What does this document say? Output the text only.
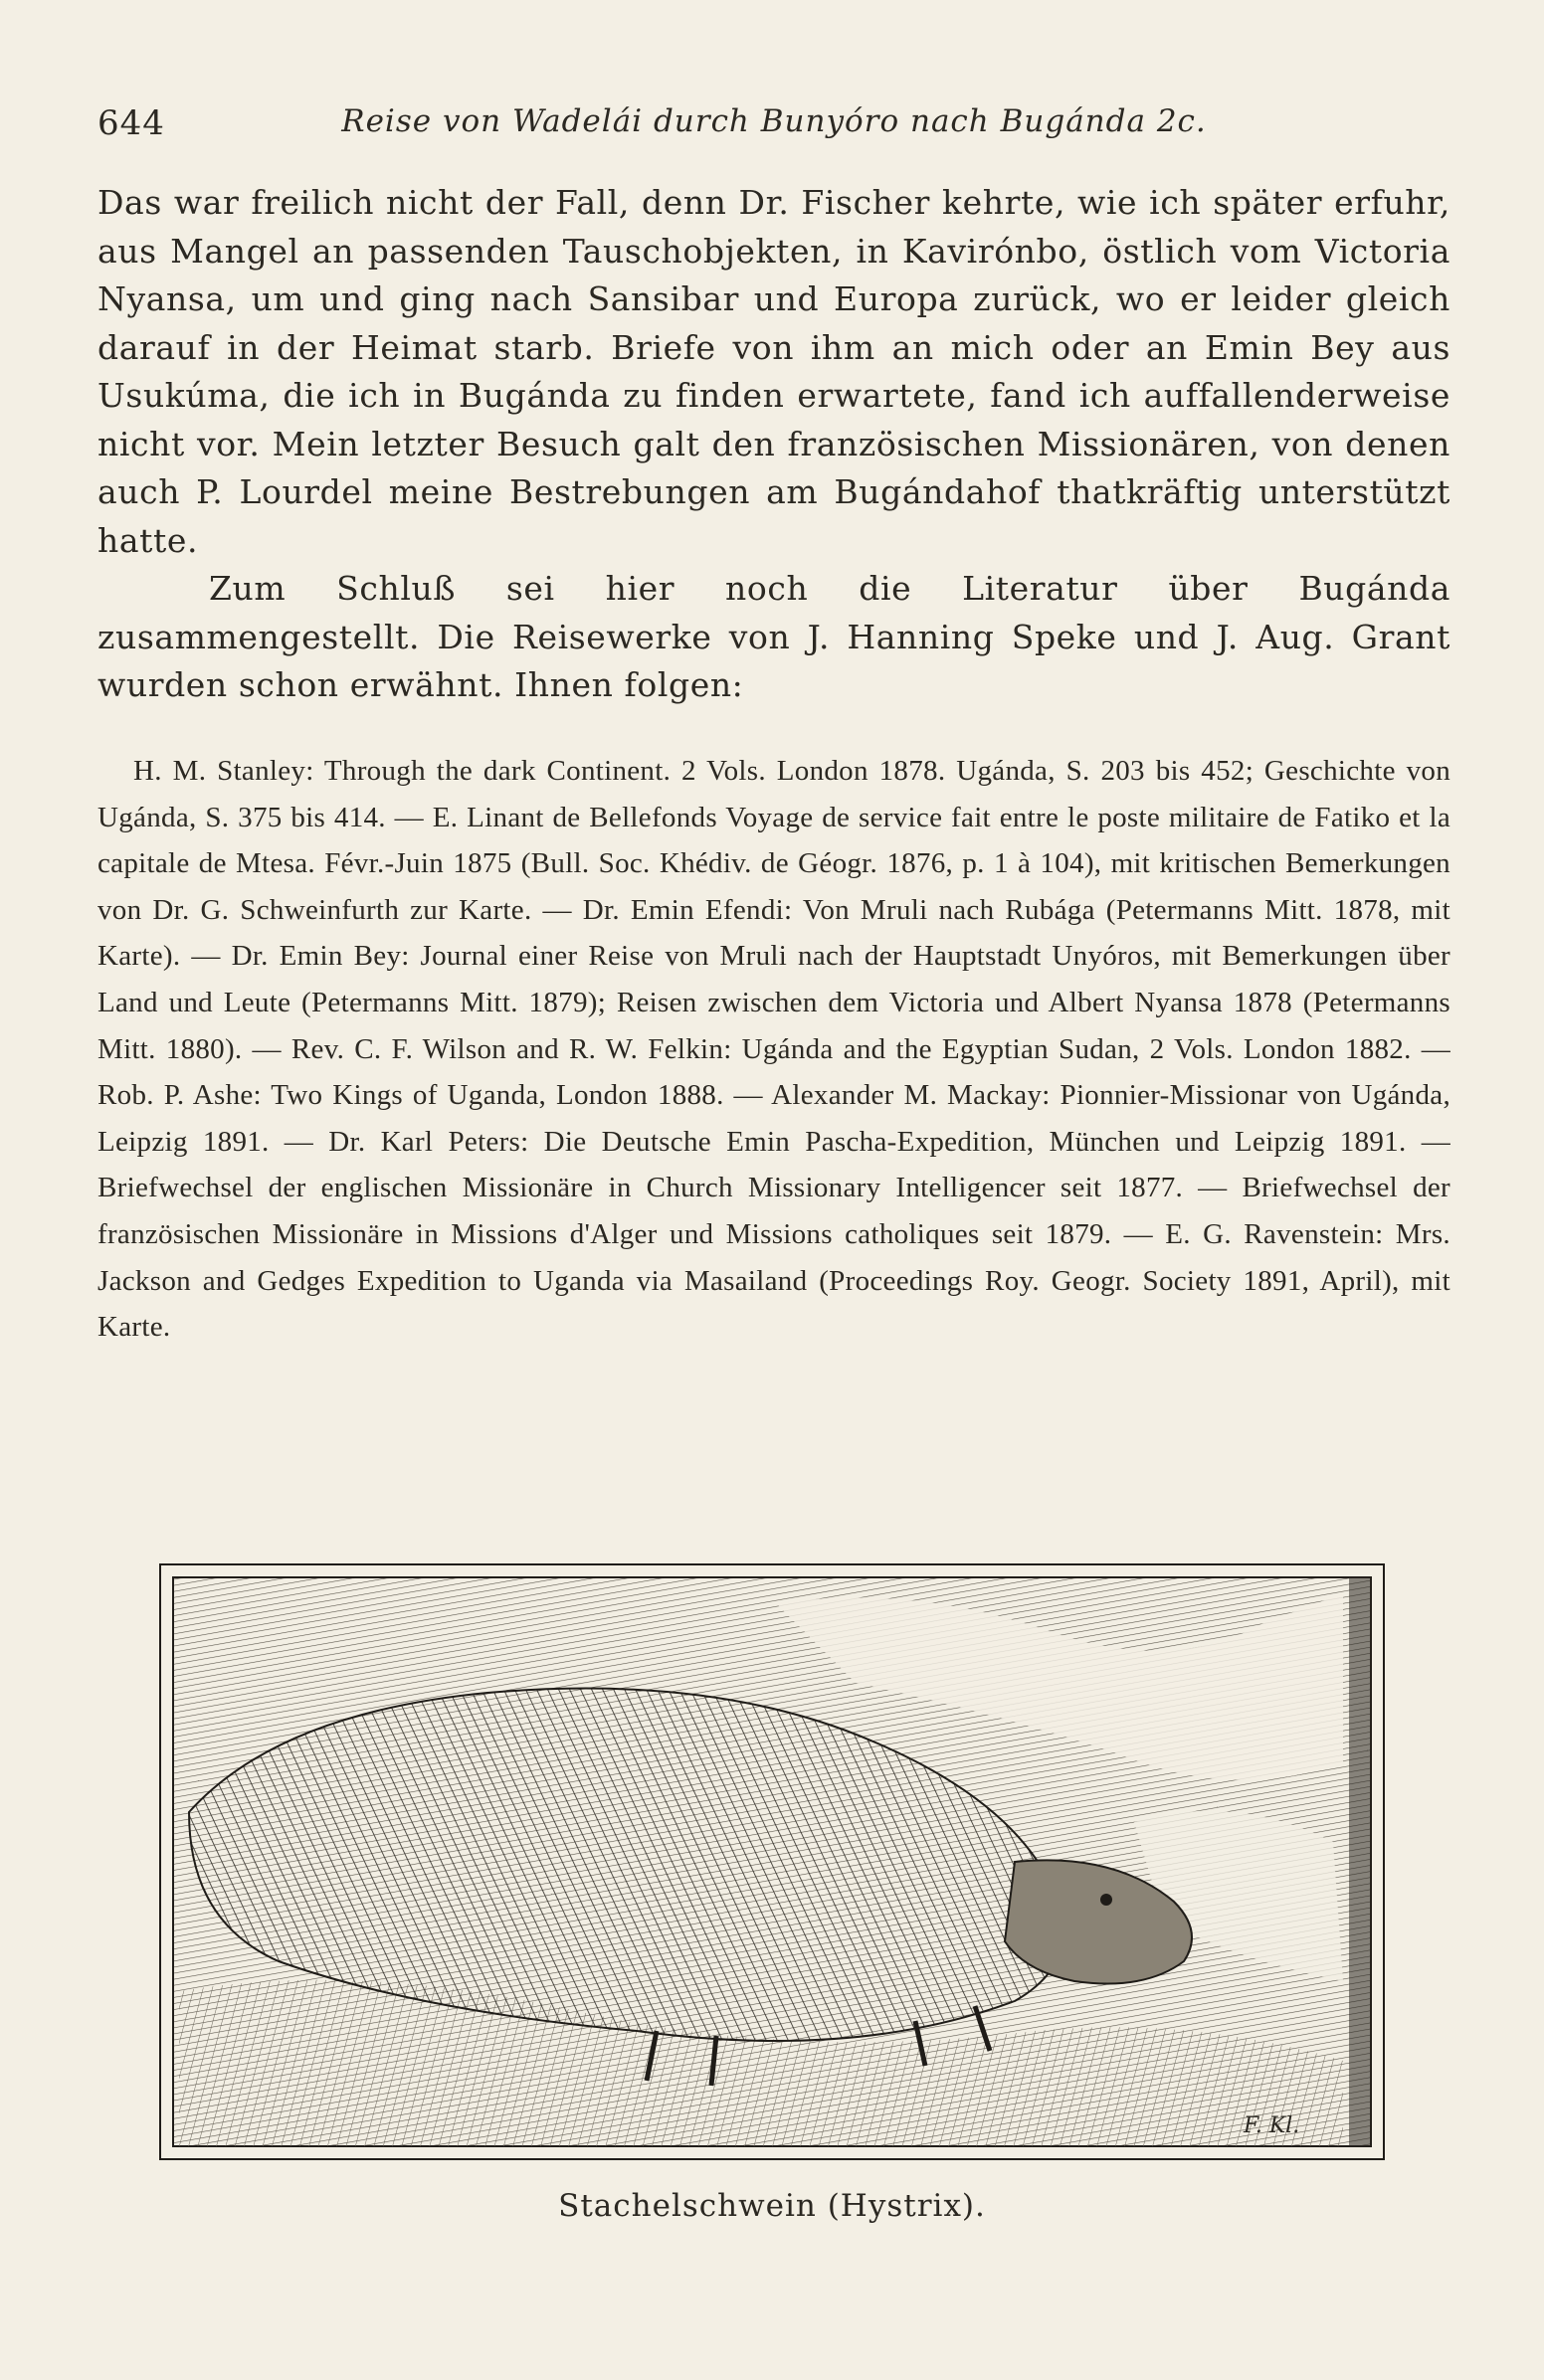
644	Reise von Wadelái durch Bunyóro nach Bugánda 2c.

Das war freilich nicht der Fall, denn Dr. Fischer kehrte, wie ich später erfuhr, aus Mangel an passenden Tauschobjekten, in Kavirónbo, östlich vom Victoria Nyansa, um und ging nach Sansibar und Europa zurück, wo er leider gleich darauf in der Heimat starb. Briefe von ihm an mich oder an Emin Bey aus Usukúma, die ich in Bugánda zu finden erwartete, fand ich auffallenderweise nicht vor. Mein letzter Besuch galt den französischen Missionären, von denen auch P. Lourdel meine Bestrebungen am Bugándahof thatkräftig unterstützt hatte.

Zum Schluß sei hier noch die Literatur über Bugánda zusammengestellt. Die Reisewerke von J. Hanning Speke und J. Aug. Grant wurden schon erwähnt. Ihnen folgen:

H. M. Stanley: Through the dark Continent. 2 Vols. London 1878. Ugánda, S. 203 bis 452; Geschichte von Ugánda, S. 375 bis 414. — E. Linant de Bellefonds Voyage de service fait entre le poste militaire de Fatiko et la capitale de Mtesa. Févr.-Juin 1875 (Bull. Soc. Khédiv. de Géogr. 1876, p. 1 à 104), mit kritischen Bemerkungen von Dr. G. Schweinfurth zur Karte. — Dr. Emin Efendi: Von Mruli nach Rubága (Petermanns Mitt. 1878, mit Karte). — Dr. Emin Bey: Journal einer Reise von Mruli nach der Hauptstadt Unyóros, mit Bemerkungen über Land und Leute (Petermanns Mitt. 1879); Reisen zwischen dem Victoria und Albert Nyansa 1878 (Petermanns Mitt. 1880). — Rev. C. F. Wilson and R. W. Felkin: Ugánda and the Egyptian Sudan, 2 Vols. London 1882. — Rob. P. Ashe: Two Kings of Uganda, London 1888. — Alexander M. Mackay: Pionnier-Missionar von Ugánda, Leipzig 1891. — Dr. Karl Peters: Die Deutsche Emin Pascha-Expedition, München und Leipzig 1891. — Briefwechsel der englischen Missionäre in Church Missionary Intelligencer seit 1877. — Briefwechsel der französischen Missionäre in Missions d'Alger und Missions catholiques seit 1879. — E. G. Ravenstein: Mrs. Jackson and Gedges Expedition to Uganda via Masailand (Proceedings Roy. Geogr. Society 1891, April), mit Karte.

F. Kl.
Stachelschwein (Hystrix).
